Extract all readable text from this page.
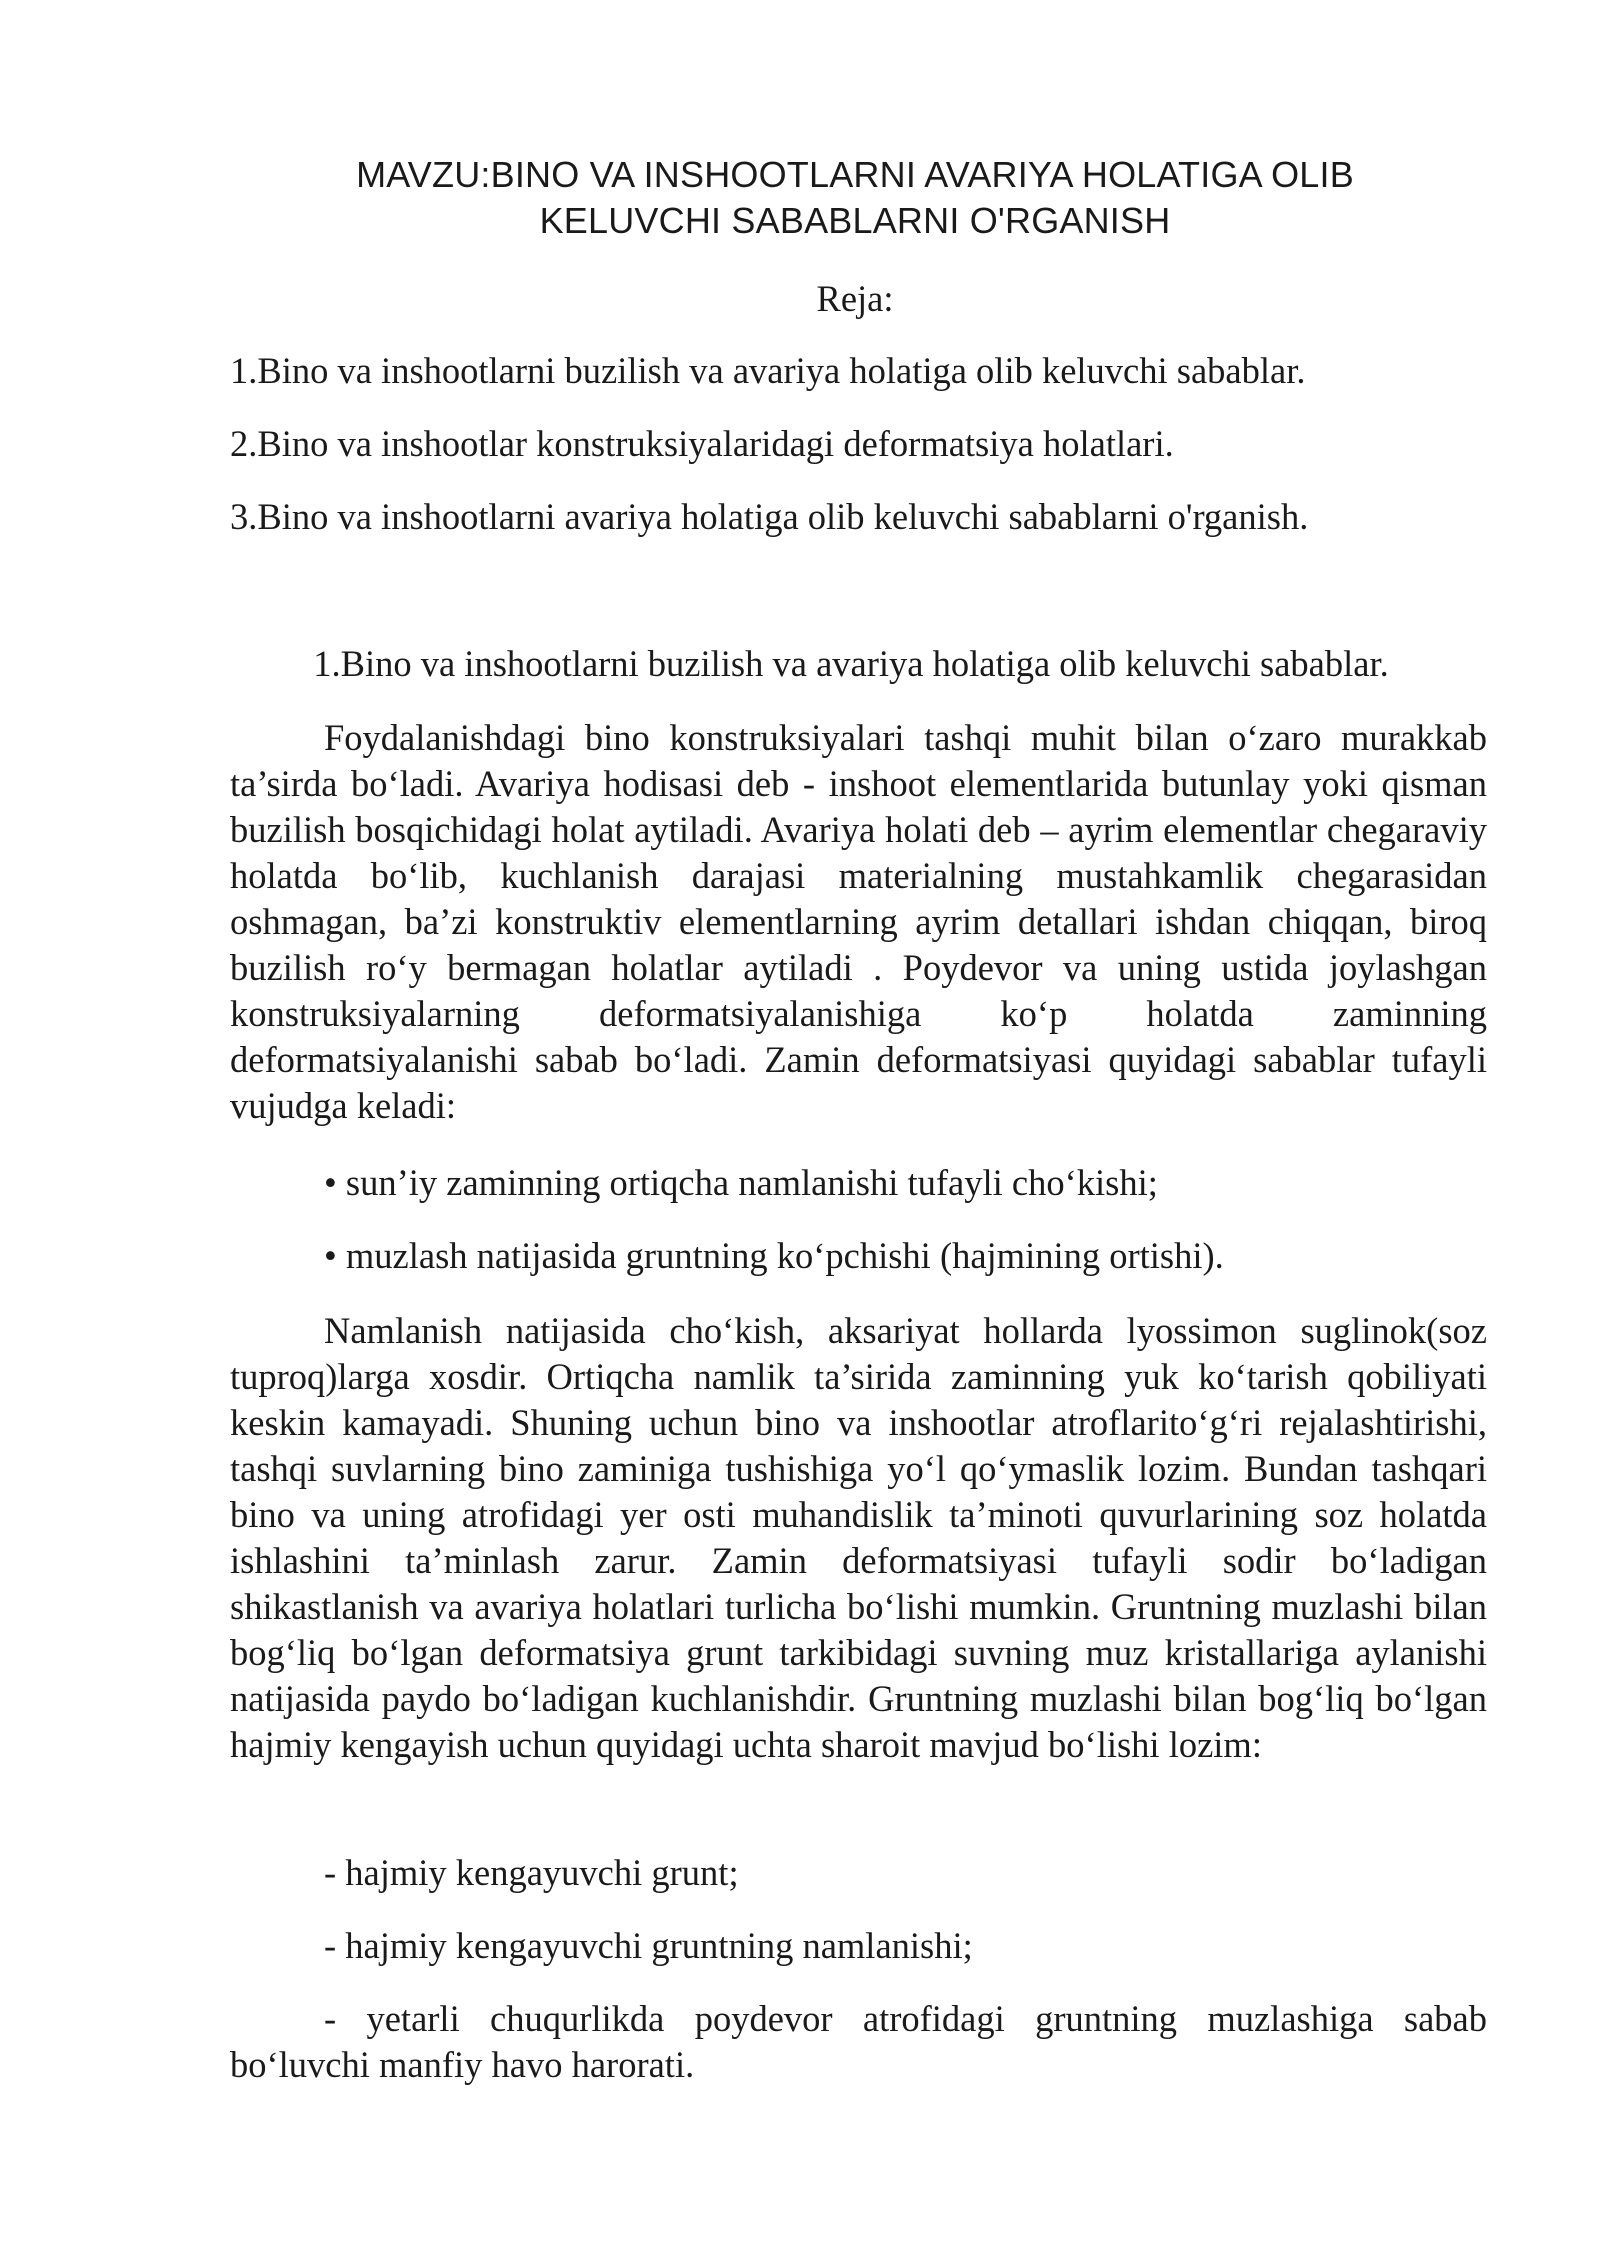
MAVZU:BINO VA INSHOOTLARNI AVARIYA HOLATIGA OLIB
KELUVCHI SABABLARNI O'RGANISH
Reja:
1.Bino va inshootlarni buzilish va avariya holatiga olib keluvchi sabablar.
2.Bino va inshootlar konstruksiyalaridagi deformatsiya holatlari.
3.Bino va inshootlarni avariya holatiga olib keluvchi sabablarni o'rganish.
1.Bino va inshootlarni buzilish va avariya holatiga olib keluvchi sabablar.

Foydalanishdagi bino konstruksiyalari tashqi muhit bilan o‘zaro murakkab ta’sirda bo‘ladi. Avariya hodisasi deb - inshoot elementlarida butunlay yoki qisman buzilish bosqichidagi holat aytiladi. Avariya holati deb – ayrim elementlar chegaraviy holatda bo‘lib, kuchlanish darajasi materialning mustahkamlik chegarasidan oshmagan, ba’zi konstruktiv elementlarning ayrim detallari ishdan chiqqan, biroq buzilish ro‘y bermagan holatlar aytiladi . Poydevor va uning ustida joylashgan konstruksiyalarning deformatsiyalanishiga ko‘p holatda zaminning deformatsiyalanishi sabab bo‘ladi. Zamin deformatsiyasi quyidagi sabablar tufayli vujudga keladi:

• sun’iy zaminning ortiqcha namlanishi tufayli cho‘kishi;
• muzlash natijasida gruntning ko‘pchishi (hajmining ortishi).

Namlanish natijasida cho‘kish, aksariyat hollarda lyossimon suglinok(soz tuproq)larga xosdir. Ortiqcha namlik ta’sirida zaminning yuk ko‘tarish qobiliyati keskin kamayadi. Shuning uchun bino va inshootlar atroflarito‘g‘ri rejalashtirishi, tashqi suvlarning bino zaminiga tushishiga yo‘l qo‘ymaslik lozim. Bundan tashqari bino va uning atrofidagi yer osti muhandislik ta’minoti quvurlarining soz holatda ishlashini ta’minlash zarur. Zamin deformatsiyasi tufayli sodir bo‘ladigan shikastlanish va avariya holatlari turlicha bo‘lishi mumkin. Gruntning muzlashi bilan bog‘liq bo‘lgan deformatsiya grunt tarkibidagi suvning muz kristallariga aylanishi natijasida paydo bo‘ladigan kuchlanishdir. Gruntning muzlashi bilan bog‘liq bo‘lgan hajmiy kengayish uchun quyidagi uchta sharoit mavjud bo‘lishi lozim:

- hajmiy kengayuvchi grunt;
- hajmiy kengayuvchi gruntning namlanishi;
- yetarli chuqurlikda poydevor atrofidagi gruntning muzlashiga sabab bo‘luvchi manfiy havo harorati.
